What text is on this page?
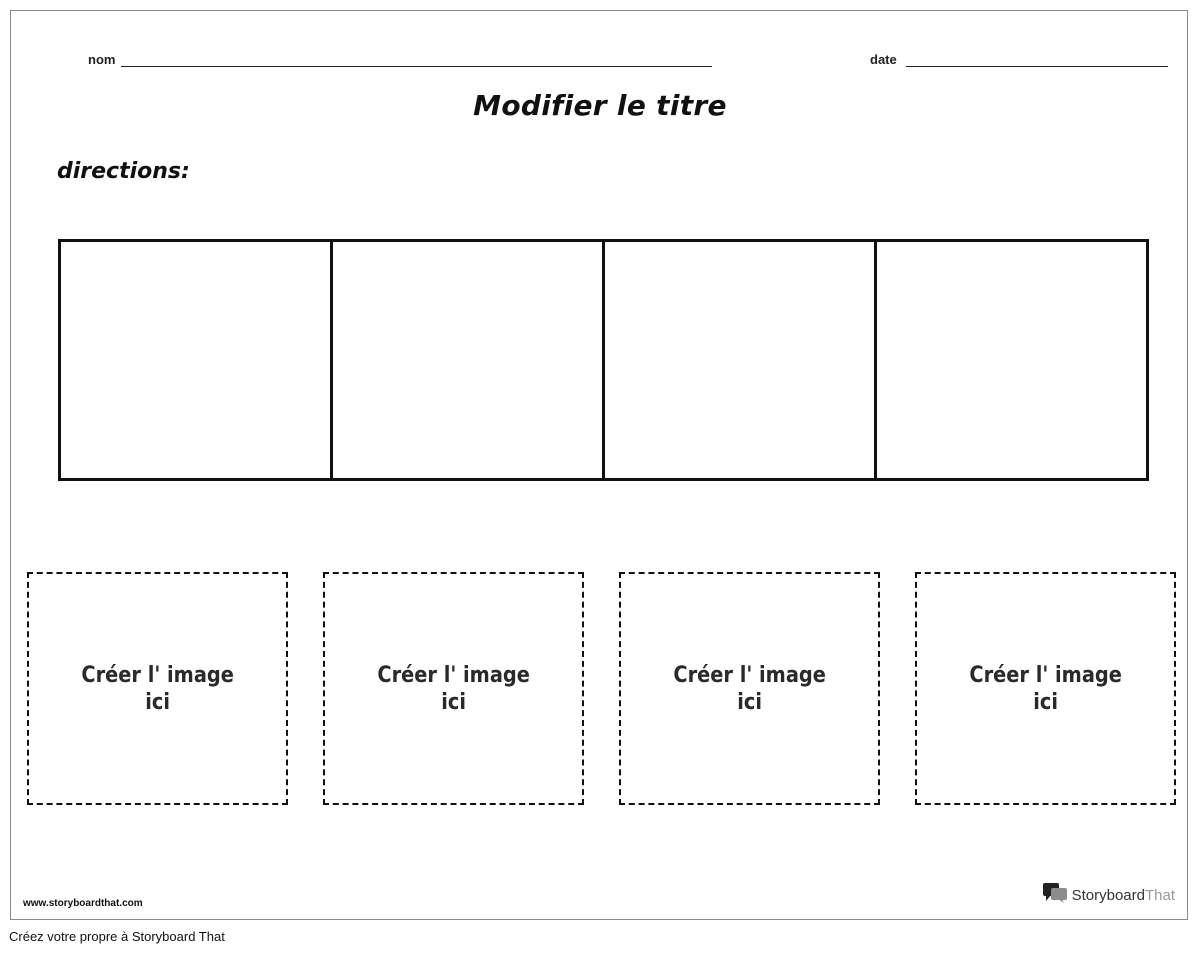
nom	date
Modifier le titre
directions:
Créer l' image
ici
Créer l' image
ici
Créer l' image
ici
Créer l' image
ici
www.storyboardthat.com	Storyboard That
Créez votre propre à Storyboard That
